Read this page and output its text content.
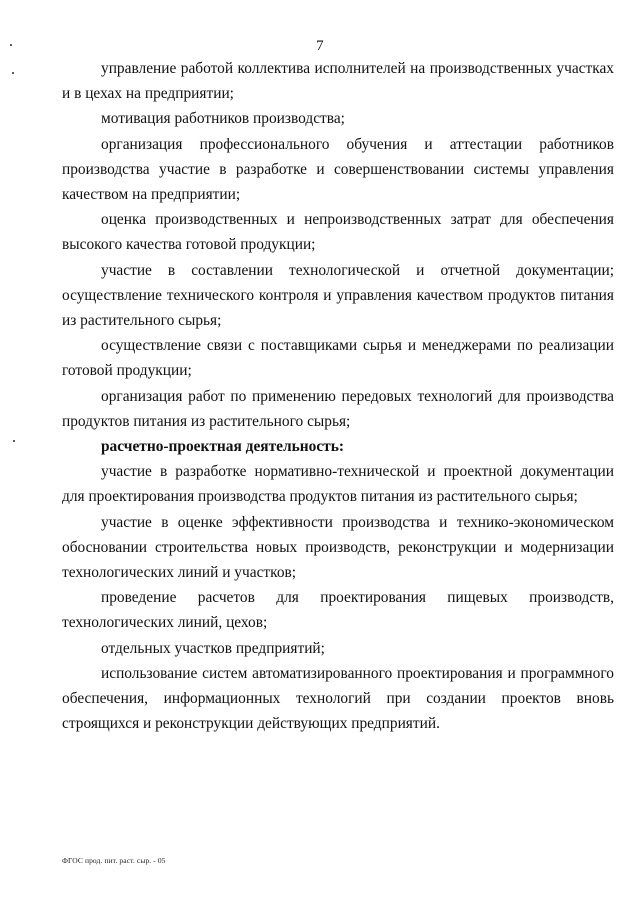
7

управление работой коллектива исполнителей на производственных участках и в цехах на предприятии;

мотивация работников производства;

организация профессионального обучения и аттестации работников производства участие в разработке и совершенствовании системы управления качеством на предприятии;

оценка производственных и непроизводственных затрат для обеспечения высокого качества готовой продукции;

участие в составлении технологической и отчетной документации; осуществление технического контроля и управления качеством продуктов питания из растительного сырья;

осуществление связи с поставщиками сырья и менеджерами по реализации готовой продукции;

организация работ по применению передовых технологий для производства продуктов питания из растительного сырья;

расчетно-проектная деятельность:

участие в разработке нормативно-технической и проектной документации для проектирования производства продуктов питания из растительного сырья;

участие в оценке эффективности производства и технико-экономическом обосновании строительства новых производств, реконструкции и модернизации технологических линий и участков;

проведение расчетов для проектирования пищевых производств, технологических линий, цехов;

отдельных участков предприятий;

использование систем автоматизированного проектирования и программного обеспечения, информационных технологий при создании проектов вновь строящихся и реконструкции действующих предприятий.

ФГОС прод. пит. раст. сыр. - 05
